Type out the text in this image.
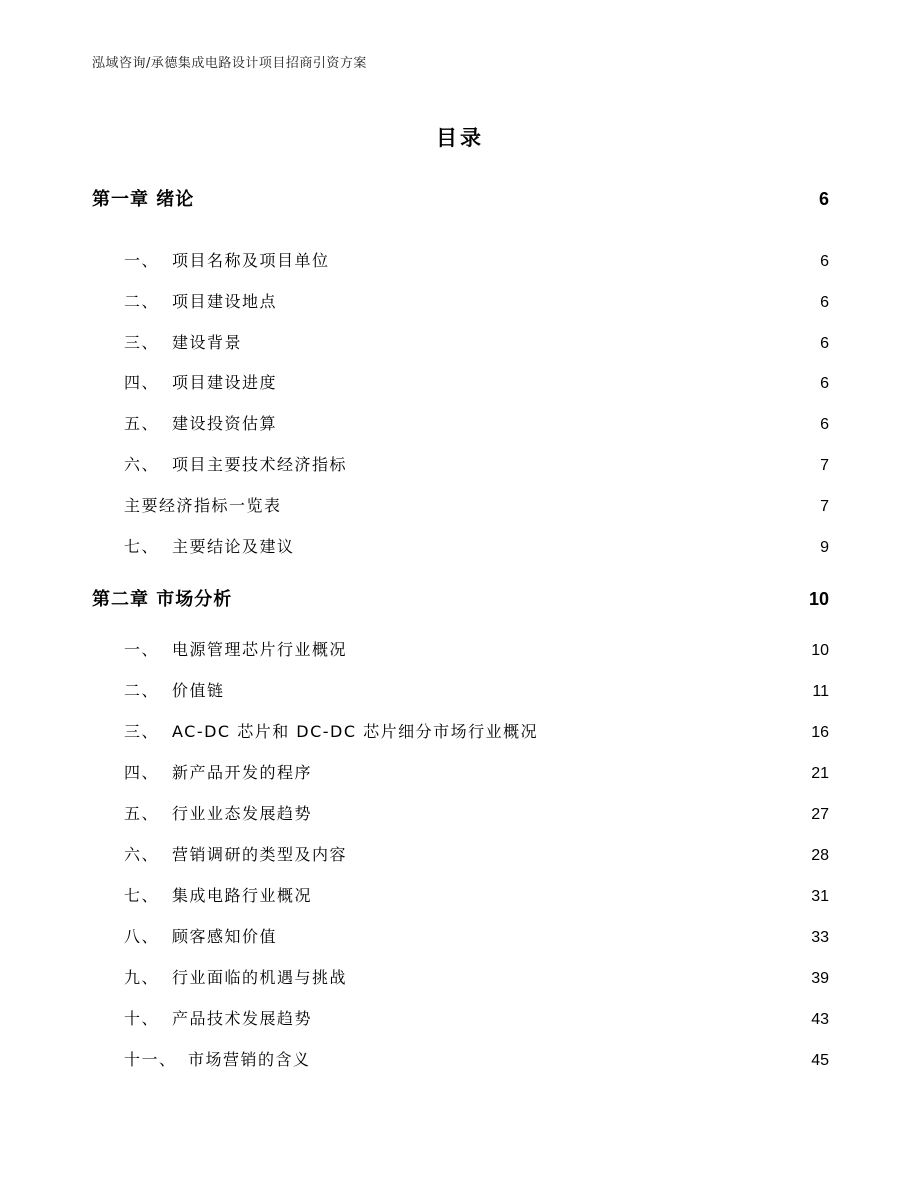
泓域咨询/承德集成电路设计项目招商引资方案
目录
第一章 绪论	6
一、 项目名称及项目单位	6
二、 项目建设地点	6
三、 建设背景	6
四、 项目建设进度	6
五、 建设投资估算	6
六、 项目主要技术经济指标	7
主要经济指标一览表	7
七、 主要结论及建议	9
第二章 市场分析	10
一、 电源管理芯片行业概况	10
二、 价值链	11
三、 AC-DC 芯片和 DC-DC 芯片细分市场行业概况	16
四、 新产品开发的程序	21
五、 行业业态发展趋势	27
六、 营销调研的类型及内容	28
七、 集成电路行业概况	31
八、 顾客感知价值	33
九、 行业面临的机遇与挑战	39
十、 产品技术发展趋势	43
十一、 市场营销的含义	45
